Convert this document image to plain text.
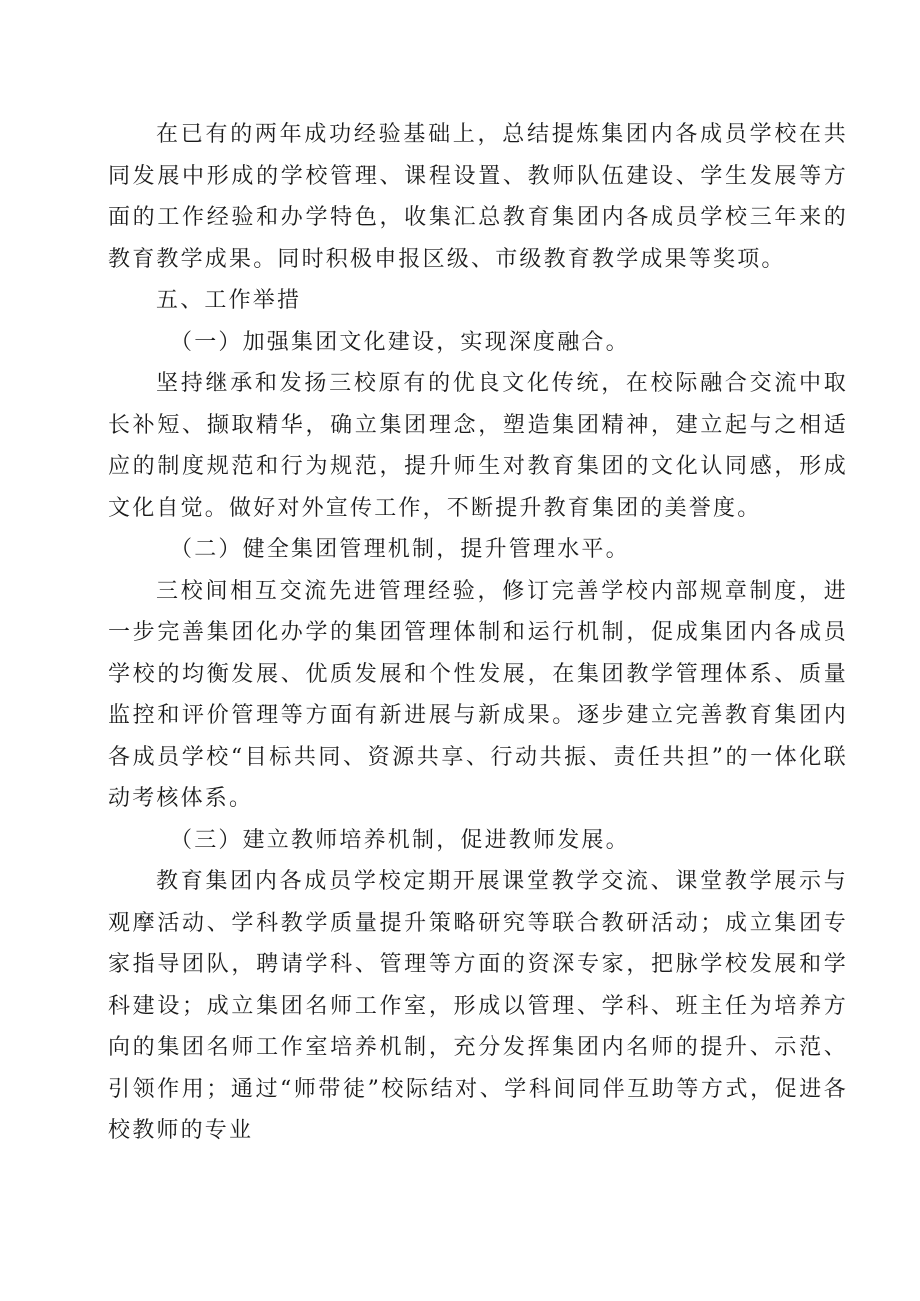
在已有的两年成功经验基础上，总结提炼集团内各成员学校在共同发展中形成的学校管理、课程设置、教师队伍建设、学生发展等方面的工作经验和办学特色，收集汇总教育集团内各成员学校三年来的教育教学成果。同时积极申报区级、市级教育教学成果等奖项。

五、工作举措

（一）加强集团文化建设，实现深度融合。

坚持继承和发扬三校原有的优良文化传统，在校际融合交流中取长补短、撷取精华，确立集团理念，塑造集团精神，建立起与之相适应的制度规范和行为规范，提升师生对教育集团的文化认同感，形成文化自觉。做好对外宣传工作，不断提升教育集团的美誉度。

（二）健全集团管理机制，提升管理水平。

三校间相互交流先进管理经验，修订完善学校内部规章制度，进一步完善集团化办学的集团管理体制和运行机制，促成集团内各成员学校的均衡发展、优质发展和个性发展，在集团教学管理体系、质量监控和评价管理等方面有新进展与新成果。逐步建立完善教育集团内各成员学校“目标共同、资源共享、行动共振、责任共担”的一体化联动考核体系。

（三）建立教师培养机制，促进教师发展。

教育集团内各成员学校定期开展课堂教学交流、课堂教学展示与观摩活动、学科教学质量提升策略研究等联合教研活动；成立集团专家指导团队，聘请学科、管理等方面的资深专家，把脉学校发展和学科建设；成立集团名师工作室，形成以管理、学科、班主任为培养方向的集团名师工作室培养机制，充分发挥集团内名师的提升、示范、引领作用；通过“师带徒”校际结对、学科间同伴互助等方式，促进各校教师的专业
